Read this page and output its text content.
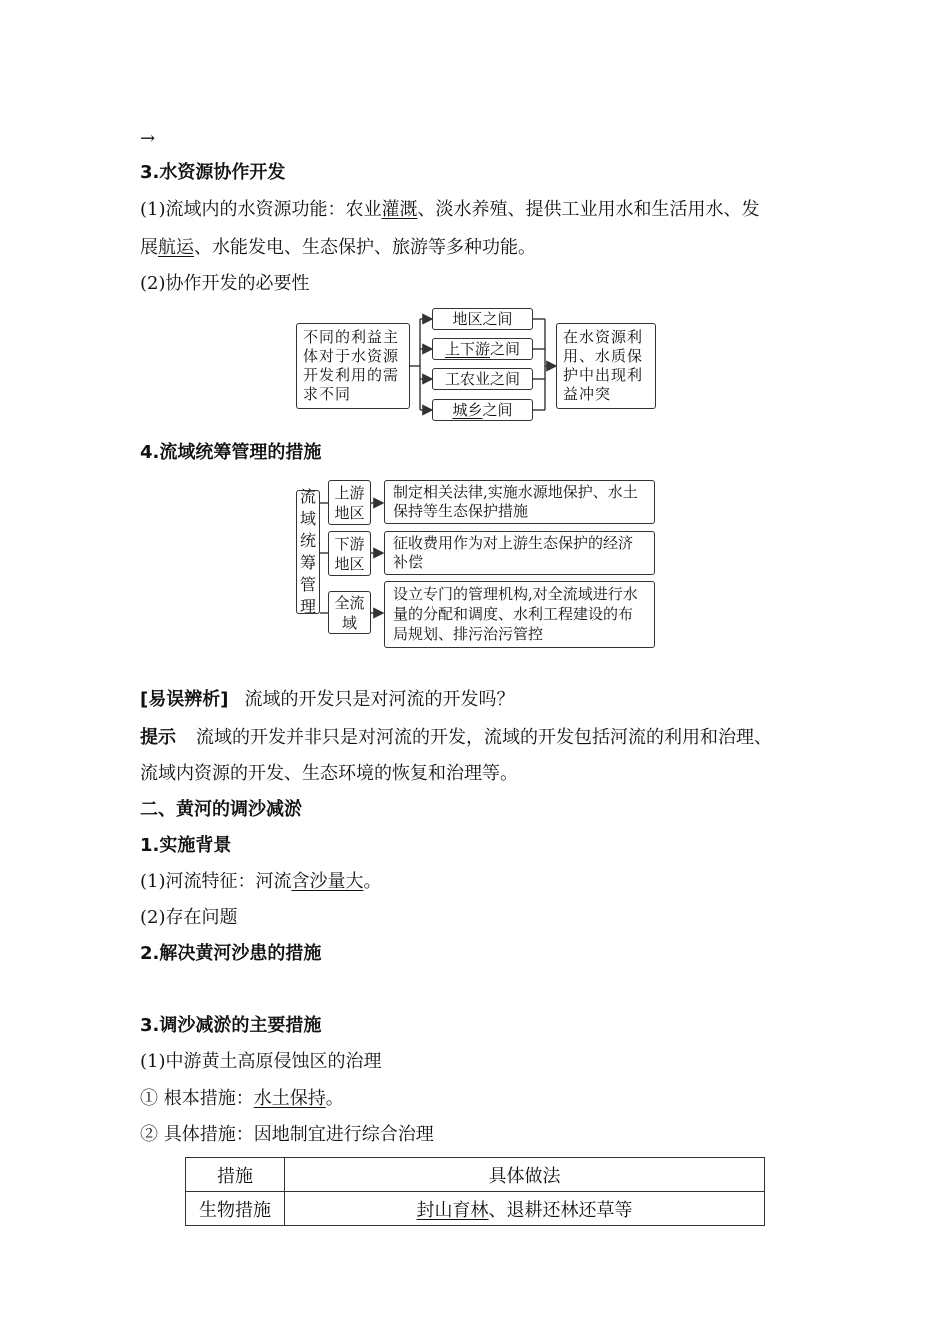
→
3.水资源协作开发
(1)流域内的水资源功能：农业灌溉、淡水养殖、提供工业用水和生活用水、发
展航运、水能发电、生态保护、旅游等多种功能。
(2)协作开发的必要性
不同的利益主体对于水资源开发利用的需求不同
地区之间
上下游 之间
工农业之间
城乡 之间
在水资源利用、水质保护中出现利益冲突
4.流域统筹管理的措施
流
域
统
筹
管
理
上游地区
下游地区
全流域
制定相关法律,实施水源地保护、水土保持等生态保护措施
征收费用作为对上游生态保护的经济补偿
设立专门的管理机构,对全流域进行水量的分配和调度、水利工程建设的布局规划、排污治污管控
[易误辨析] 流域的开发只是对河流的开发吗？
提示 流域的开发并非只是对河流的开发，流域的开发包括河流的利用和治理、
流域内资源的开发、生态环境的恢复和治理等。
二、黄河的调沙减淤
1.实施背景
(1)河流特征：河流含沙量大。
(2)存在问题
2.解决黄河沙患的措施
3.调沙减淤的主要措施
(1)中游黄土高原侵蚀区的治理
① 根本措施：水土保持。
② 具体措施：因地制宜进行综合治理
措施	具体做法
生物措施	封山育林、退耕还林还草等
